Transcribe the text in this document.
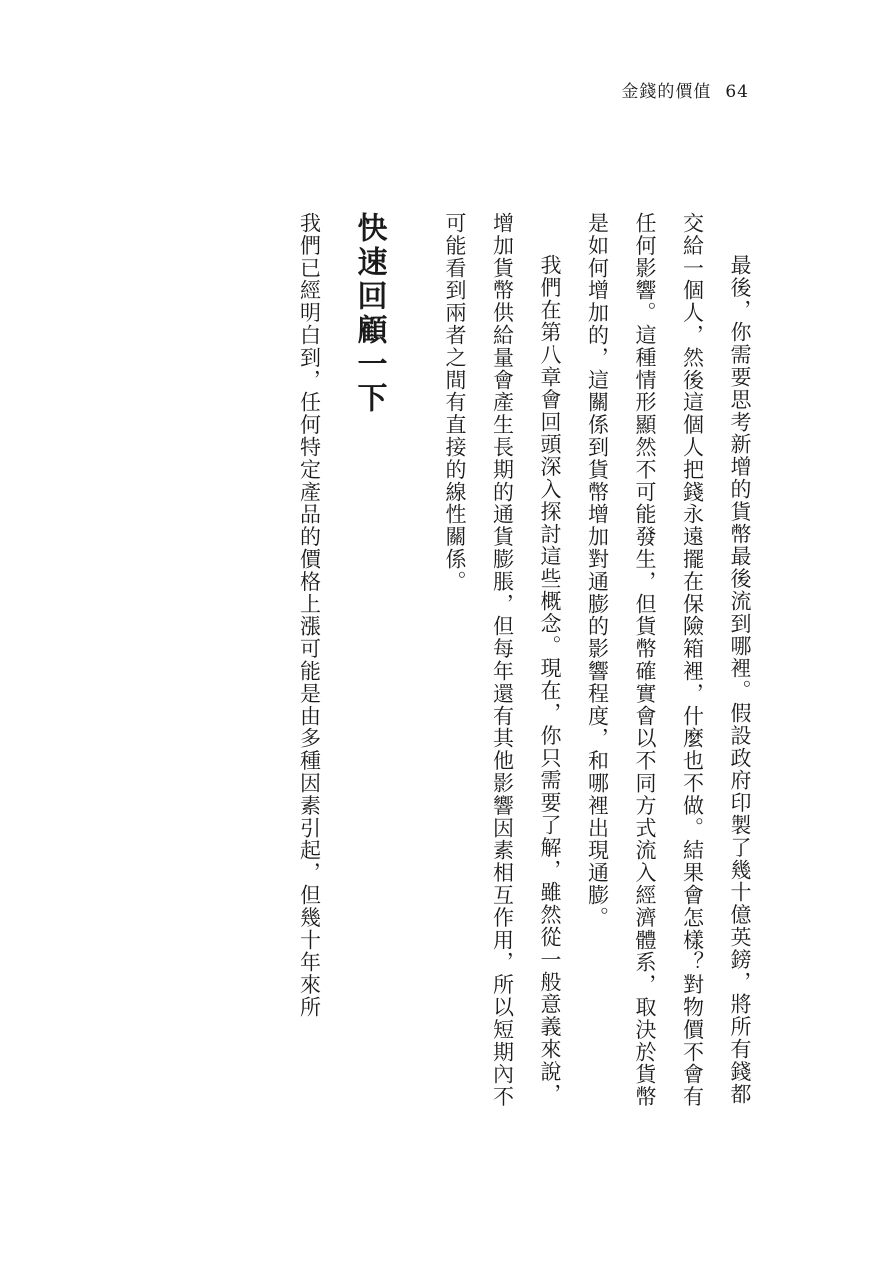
金錢的價值 64

最後，你需要思考新增的貨幣最後流到哪裡。假設政府印製了幾十億英鎊，將所有錢都交給一個人，然後這個人把錢永遠擺在保險箱裡，什麼也不做。結果會怎樣？對物價不會有任何影響。這種情形顯然不可能發生，但貨幣確實會以不同方式流入經濟體系，取決於貨幣是如何增加的，這關係到貨幣增加對通膨的影響程度，和哪裡出現通膨。

我們在第八章會回頭深入探討這些概念。現在，你只需要了解，雖然從一般意義來說，增加貨幣供給量會產生長期的通貨膨脹，但每年還有其他影響因素相互作用，所以短期內不可能看到兩者之間有直接的線性關係。

快速回顧一下

我們已經明白到，任何特定產品的價格上漲可能是由多種因素引起，但幾十年來所
